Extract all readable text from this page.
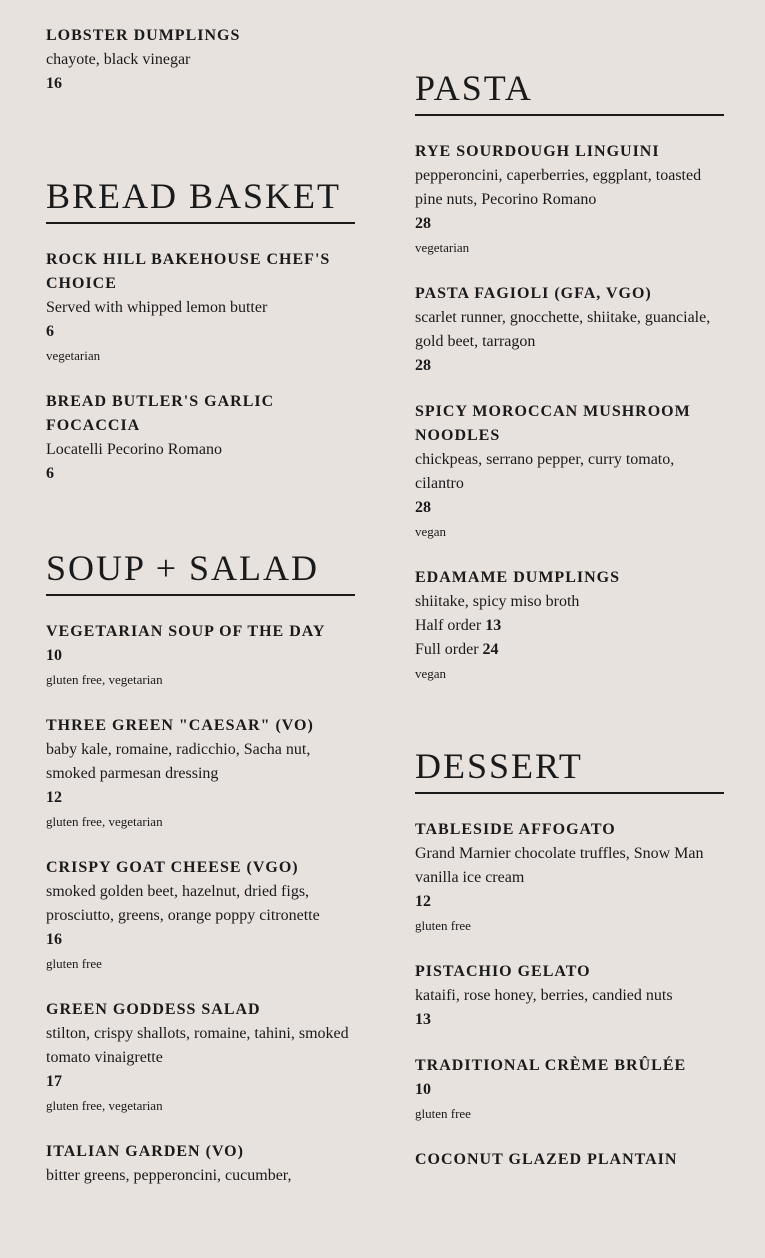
LOBSTER DUMPLINGS
chayote, black vinegar
16
BREAD BASKET
ROCK HILL BAKEHOUSE CHEF'S CHOICE
Served with whipped lemon butter
6
vegetarian
BREAD BUTLER'S GARLIC FOCACCIA
Locatelli Pecorino Romano
6
SOUP + SALAD
VEGETARIAN SOUP OF THE DAY
10
gluten free, vegetarian
THREE GREEN "CAESAR" (VO)
baby kale, romaine, radicchio, Sacha nut, smoked parmesan dressing
12
gluten free, vegetarian
CRISPY GOAT CHEESE (VGO)
smoked golden beet, hazelnut, dried figs, prosciutto, greens, orange poppy citronette
16
gluten free
GREEN GODDESS SALAD
stilton, crispy shallots, romaine, tahini, smoked tomato vinaigrette
17
gluten free, vegetarian
ITALIAN GARDEN (VO)
bitter greens, pepperoncini, cucumber,
PASTA
RYE SOURDOUGH LINGUINI
pepperoncini, caperberries, eggplant, toasted pine nuts, Pecorino Romano
28
vegetarian
PASTA FAGIOLI (GFA, VGO)
scarlet runner, gnocchette, shiitake, guanciale, gold beet, tarragon
28
SPICY MOROCCAN MUSHROOM NOODLES
chickpeas, serrano pepper, curry tomato, cilantro
28
vegan
EDAMAME DUMPLINGS
shiitake, spicy miso broth
Half order 13
Full order 24
vegan
DESSERT
TABLESIDE AFFOGATO
Grand Marnier chocolate truffles, Snow Man vanilla ice cream
12
gluten free
PISTACHIO GELATO
kataifi, rose honey, berries, candied nuts
13
TRADITIONAL CRÈME BRÛLÉE
10
gluten free
COCONUT GLAZED PLANTAIN
